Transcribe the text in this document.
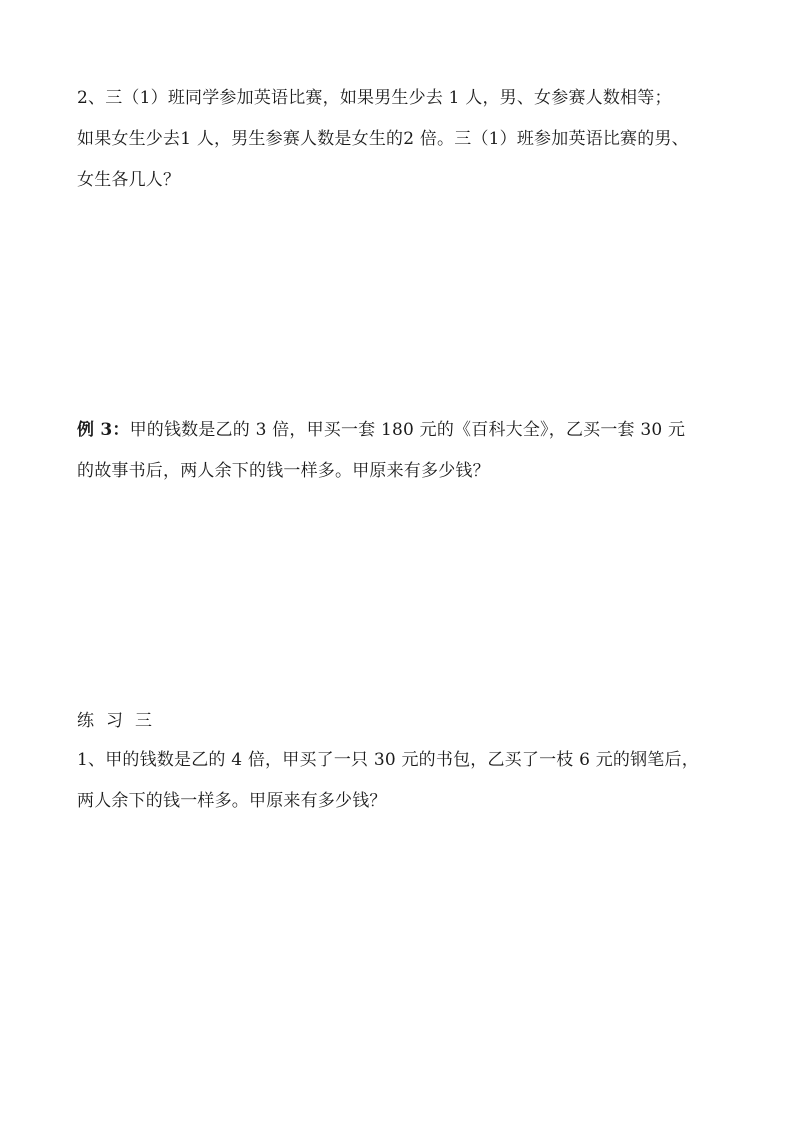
2、三（1）班同学参加英语比赛，如果男生少去 1 人，男、女参赛人数相等；
如果女生少去1 人，男生参赛人数是女生的2 倍。三（1）班参加英语比赛的男、
女生各几人？
例 3：甲的钱数是乙的 3 倍，甲买一套 180 元的《百科大全》，乙买一套 30 元
的故事书后，两人余下的钱一样多。甲原来有多少钱？
练习三
1、甲的钱数是乙的 4 倍，甲买了一只 30 元的书包，乙买了一枝 6 元的钢笔后，
两人余下的钱一样多。甲原来有多少钱？
